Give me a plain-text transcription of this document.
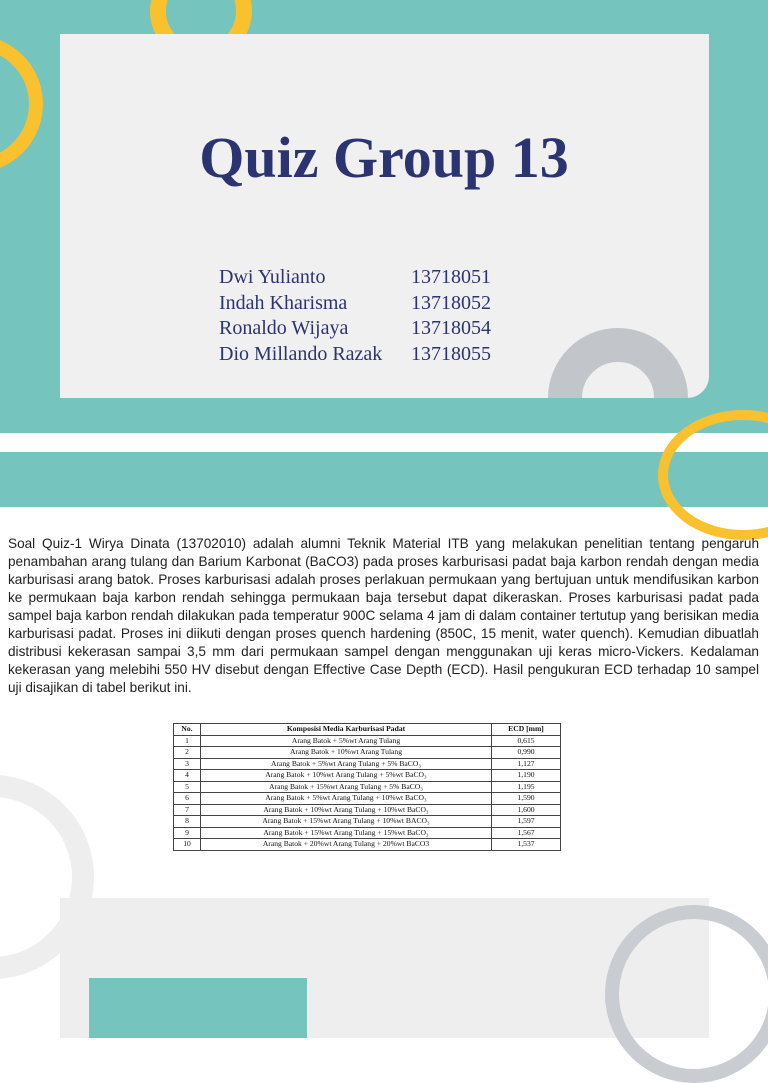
Quiz Group 13
Dwi Yulianto	13718051
Indah Kharisma	13718052
Ronaldo Wijaya	13718054
Dio Millando Razak	13718055

Soal Quiz-1 Wirya Dinata (13702010) adalah alumni Teknik Material ITB yang melakukan penelitian tentang pengaruh penambahan arang tulang dan Barium Karbonat (BaCO3) pada proses karburisasi padat baja karbon rendah dengan media karburisasi arang batok. Proses karburisasi adalah proses perlakuan permukaan yang bertujuan untuk mendifusikan karbon ke permukaan baja karbon rendah sehingga permukaan baja tersebut dapat dikeraskan. Proses karburisasi padat pada sampel baja karbon rendah dilakukan pada temperatur 900C selama 4 jam di dalam container tertutup yang berisikan media karburisasi padat. Proses ini diikuti dengan proses quench hardening (850C, 15 menit, water quench). Kemudian dibuatlah distribusi kekerasan sampai 3,5 mm dari permukaan sampel dengan menggunakan uji keras micro-Vickers. Kedalaman kekerasan yang melebihi 550 HV disebut dengan Effective Case Depth (ECD). Hasil pengukuran ECD terhadap 10 sampel uji disajikan di tabel berikut ini.

No.	Komposisi Media Karburisasi Padat	ECD [mm]
1	Arang Batok + 5%wt Arang Tulang	0,615
2	Arang Batok + 10%wt Arang Tulang	0,990
3	Arang Batok + 5%wt Arang Tulang + 5% BaCO₃	1,127
4	Arang Batok + 10%wt Arang Tulang + 5%wt BaCO₃	1,190
5	Arang Batok + 15%wt Arang Tulang + 5% BaCO₃	1,195
6	Arang Batok + 5%wt Arang Tulang + 10%wt BaCO₃	1,590
7	Arang Batok + 10%wt Arang Tulang + 10%wt BaCO₃	1,600
8	Arang Batok + 15%wt Arang Tulang + 10%wt BACO₃	1,597
9	Arang Batok + 15%wt Arang Tulang + 15%wt BaCO₃	1,567
10	Arang Batok + 20%wt Arang Tulang + 20%wt BaCO3	1,537
